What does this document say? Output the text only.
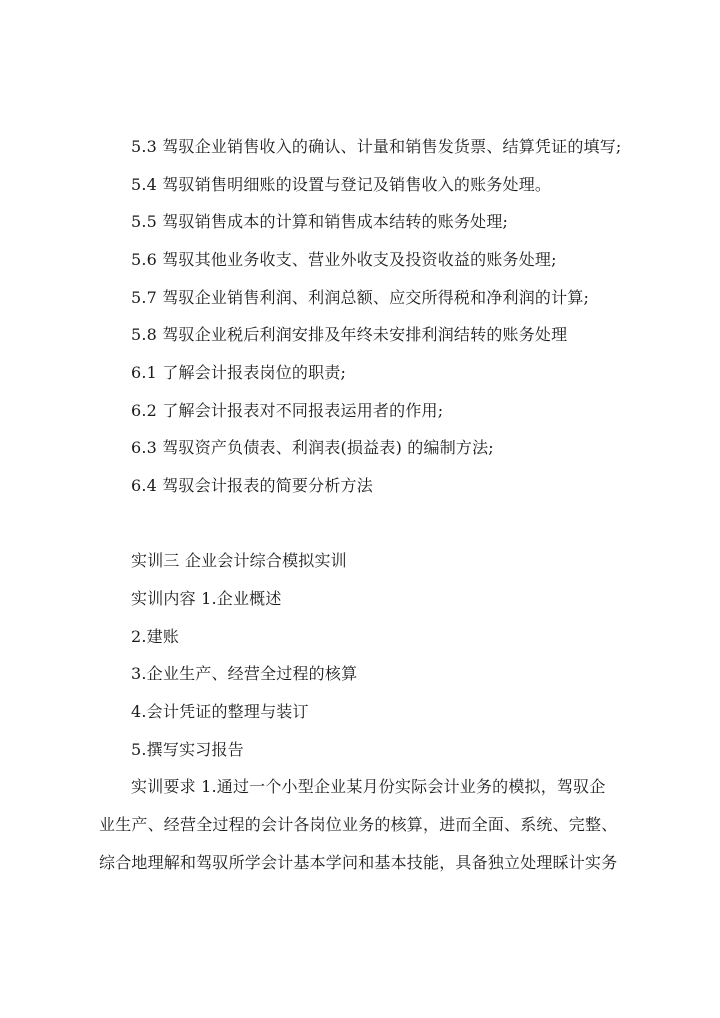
5.3 驾驭企业销售收入的确认、计量和销售发货票、结算凭证的填写;
5.4 驾驭销售明细账的设置与登记及销售收入的账务处理。
5.5 驾驭销售成本的计算和销售成本结转的账务处理;
5.6 驾驭其他业务收支、营业外收支及投资收益的账务处理;
5.7 驾驭企业销售利润、利润总额、应交所得税和净利润的计算;
5.8 驾驭企业税后利润安排及年终未安排利润结转的账务处理
6.1 了解会计报表岗位的职责;
6.2 了解会计报表对不同报表运用者的作用;
6.3 驾驭资产负债表、利润表(损益表) 的编制方法;
6.4 驾驭会计报表的简要分析方法
实训三 企业会计综合模拟实训
实训内容 1.企业概述
2.建账
3.企业生产、经营全过程的核算
4.会计凭证的整理与装订
5.撰写实习报告
实训要求 1.通过一个小型企业某月份实际会计业务的模拟，驾驭企
业生产、经营全过程的会计各岗位业务的核算，进而全面、系统、完整、
综合地理解和驾驭所学会计基本学问和基本技能，具备独立处理睬计实务
